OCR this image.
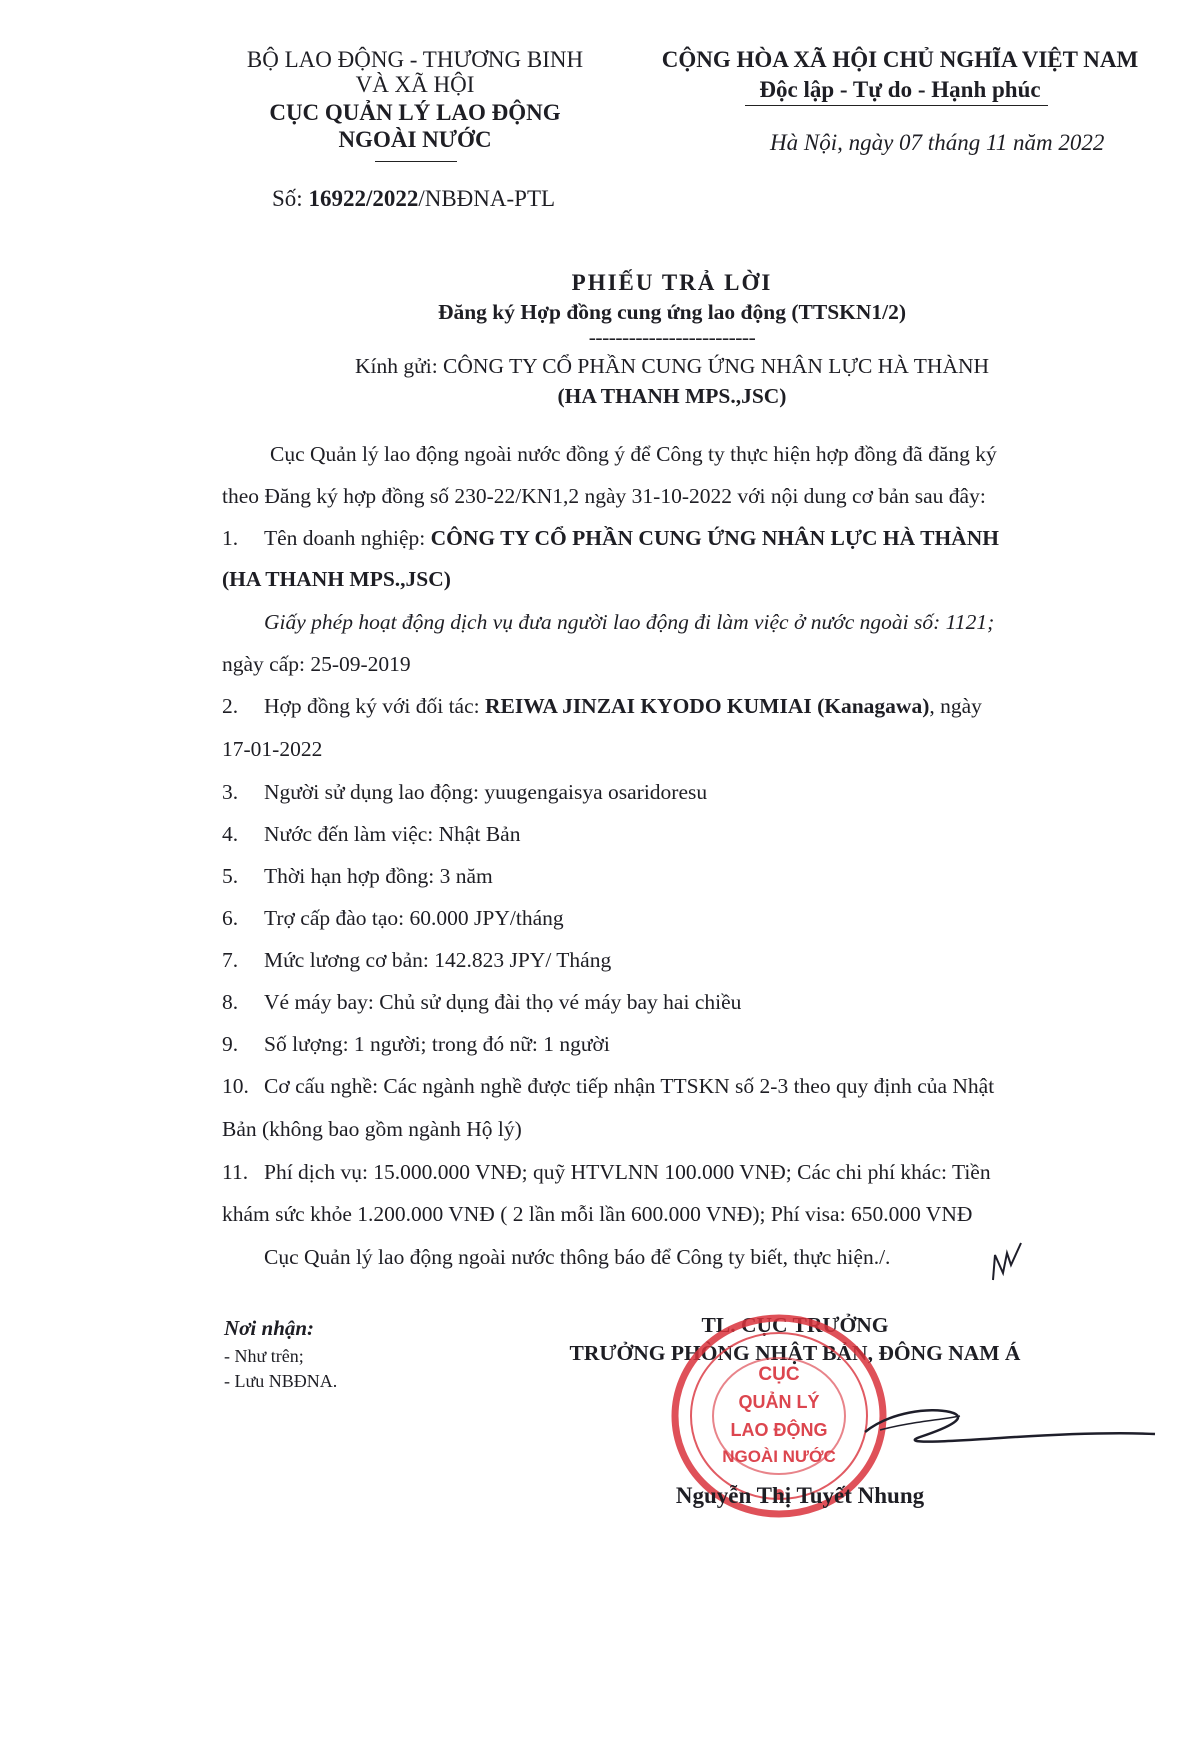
BỘ LAO ĐỘNG - THƯƠNG BINH
VÀ XÃ HỘI
CỤC QUẢN LÝ LAO ĐỘNG
NGOÀI NƯỚC
Số: 16922/2022/NBĐNA-PTL
CỘNG HÒA XÃ HỘI CHỦ NGHĨA VIỆT NAM
Độc lập - Tự do - Hạnh phúc
Hà Nội, ngày 07 tháng 11 năm 2022
PHIẾU TRẢ LỜI
Đăng ký Hợp đồng cung ứng lao động (TTSKN1/2)
-------------------------
Kính gửi: CÔNG TY CỔ PHẦN CUNG ỨNG NHÂN LỰC HÀ THÀNH
(HA THANH MPS.,JSC)
Cục Quản lý lao động ngoài nước đồng ý để Công ty thực hiện hợp đồng đã đăng ký
theo Đăng ký hợp đồng số 230-22/KN1,2 ngày 31-10-2022 với nội dung cơ bản sau đây:
1. Tên doanh nghiệp: CÔNG TY CỔ PHẦN CUNG ỨNG NHÂN LỰC HÀ THÀNH
(HA THANH MPS.,JSC)
Giấy phép hoạt động dịch vụ đưa người lao động đi làm việc ở nước ngoài số: 1121;
ngày cấp: 25-09-2019
2. Hợp đồng ký với đối tác: REIWA JINZAI KYODO KUMIAI (Kanagawa), ngày
17-01-2022
3. Người sử dụng lao động: yuugengaisya osaridoresu
4. Nước đến làm việc: Nhật Bản
5. Thời hạn hợp đồng: 3 năm
6. Trợ cấp đào tạo: 60.000 JPY/tháng
7. Mức lương cơ bản: 142.823 JPY/ Tháng
8. Vé máy bay: Chủ sử dụng đài thọ vé máy bay hai chiều
9. Số lượng: 1 người; trong đó nữ: 1 người
10. Cơ cấu nghề: Các ngành nghề được tiếp nhận TTSKN số 2-3 theo quy định của Nhật
Bản (không bao gồm ngành Hộ lý)
11. Phí dịch vụ: 15.000.000 VNĐ; quỹ HTVLNN 100.000 VNĐ; Các chi phí khác: Tiền
khám sức khỏe 1.200.000 VNĐ ( 2 lần mỗi lần 600.000 VNĐ); Phí visa: 650.000 VNĐ
Cục Quản lý lao động ngoài nước thông báo để Công ty biết, thực hiện./.
Nơi nhận:
- Như trên;
- Lưu NBĐNA.
TL. CỤC TRƯỞNG
TRƯỞNG PHÒNG NHẬT BẢN, ĐÔNG NAM Á
CỤC
QUẢN LÝ
LAO ĐỘNG
NGOÀI NƯỚC
Nguyễn Thị Tuyết Nhung
